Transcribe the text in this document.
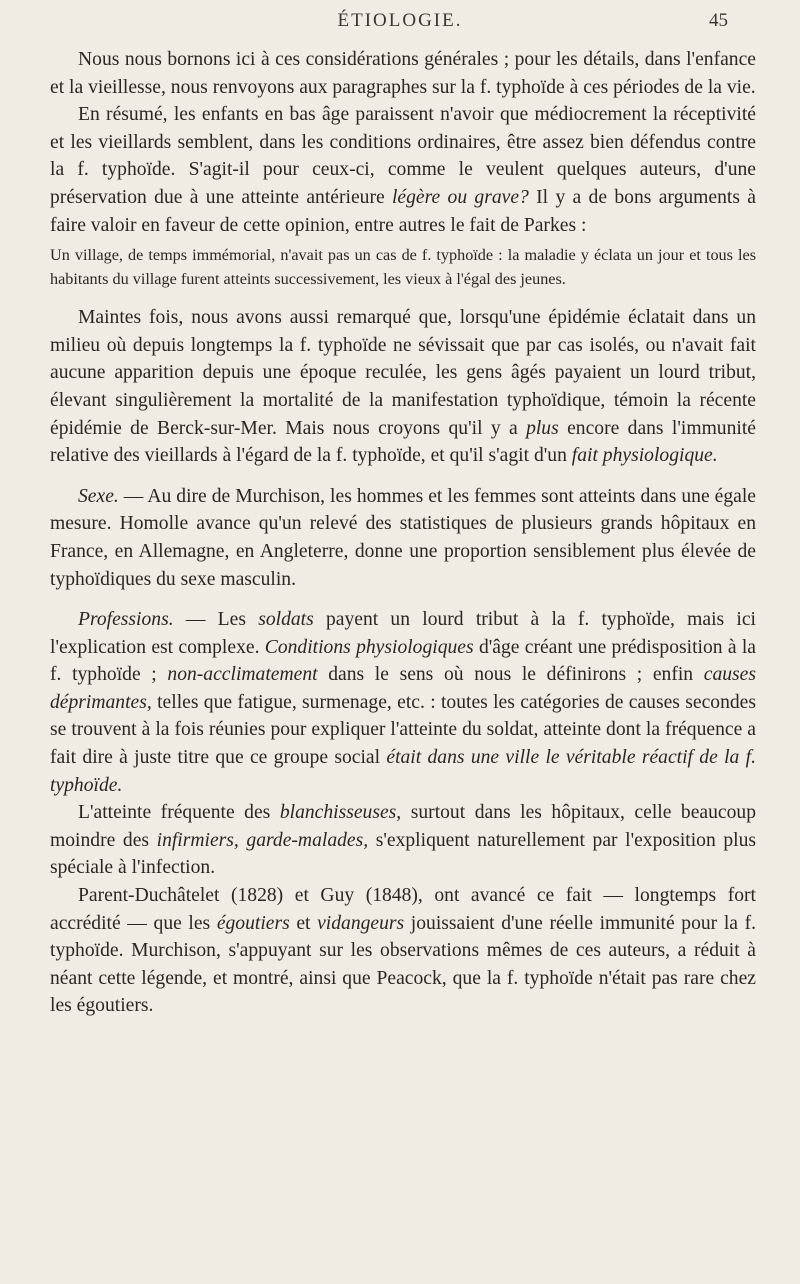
ÉTIOLOGIE.	45

Nous nous bornons ici à ces considérations générales ; pour les détails, dans l'enfance et la vieillesse, nous renvoyons aux paragraphes sur la f. typhoïde à ces périodes de la vie.

En résumé, les enfants en bas âge paraissent n'avoir que médiocrement la réceptivité et les vieillards semblent, dans les conditions ordinaires, être assez bien défendus contre la f. typhoïde. S'agit-il pour ceux-ci, comme le veulent quelques auteurs, d'une préservation due à une atteinte antérieure légère ou grave? Il y a de bons arguments à faire valoir en faveur de cette opinion, entre autres le fait de Parkes :

Un village, de temps immémorial, n'avait pas un cas de f. typhoïde : la maladie y éclata un jour et tous les habitants du village furent atteints successivement, les vieux à l'égal des jeunes.

Maintes fois, nous avons aussi remarqué que, lorsqu'une épidémie éclatait dans un milieu où depuis longtemps la f. typhoïde ne sévissait que par cas isolés, ou n'avait fait aucune apparition depuis une époque reculée, les gens âgés payaient un lourd tribut, élevant singulièrement la mortalité de la manifestation typhoïdique, témoin la récente épidémie de Berck-sur-Mer. Mais nous croyons qu'il y a plus encore dans l'immunité relative des vieillards à l'égard de la f. typhoïde, et qu'il s'agit d'un fait physiologique.

Sexe. — Au dire de Murchison, les hommes et les femmes sont atteints dans une égale mesure. Homolle avance qu'un relevé des statistiques de plusieurs grands hôpitaux en France, en Allemagne, en Angleterre, donne une proportion sensiblement plus élevée de typhoïdiques du sexe masculin.

Professions. — Les soldats payent un lourd tribut à la f. typhoïde, mais ici l'explication est complexe. Conditions physiologiques d'âge créant une prédisposition à la f. typhoïde ; non-acclimatement dans le sens où nous le définirons ; enfin causes déprimantes, telles que fatigue, surmenage, etc. : toutes les catégories de causes secondes se trouvent à la fois réunies pour expliquer l'atteinte du soldat, atteinte dont la fréquence a fait dire à juste titre que ce groupe social était dans une ville le véritable réactif de la f. typhoïde.

L'atteinte fréquente des blanchisseuses, surtout dans les hôpitaux, celle beaucoup moindre des infirmiers, garde-malades, s'expliquent naturellement par l'exposition plus spéciale à l'infection.

Parent-Duchâtelet (1828) et Guy (1848), ont avancé ce fait — longtemps fort accrédité — que les égoutiers et vidangeurs jouissaient d'une réelle immunité pour la f. typhoïde. Murchison, s'appuyant sur les observations mêmes de ces auteurs, a réduit à néant cette légende, et montré, ainsi que Peacock, que la f. typhoïde n'était pas rare chez les égoutiers.
